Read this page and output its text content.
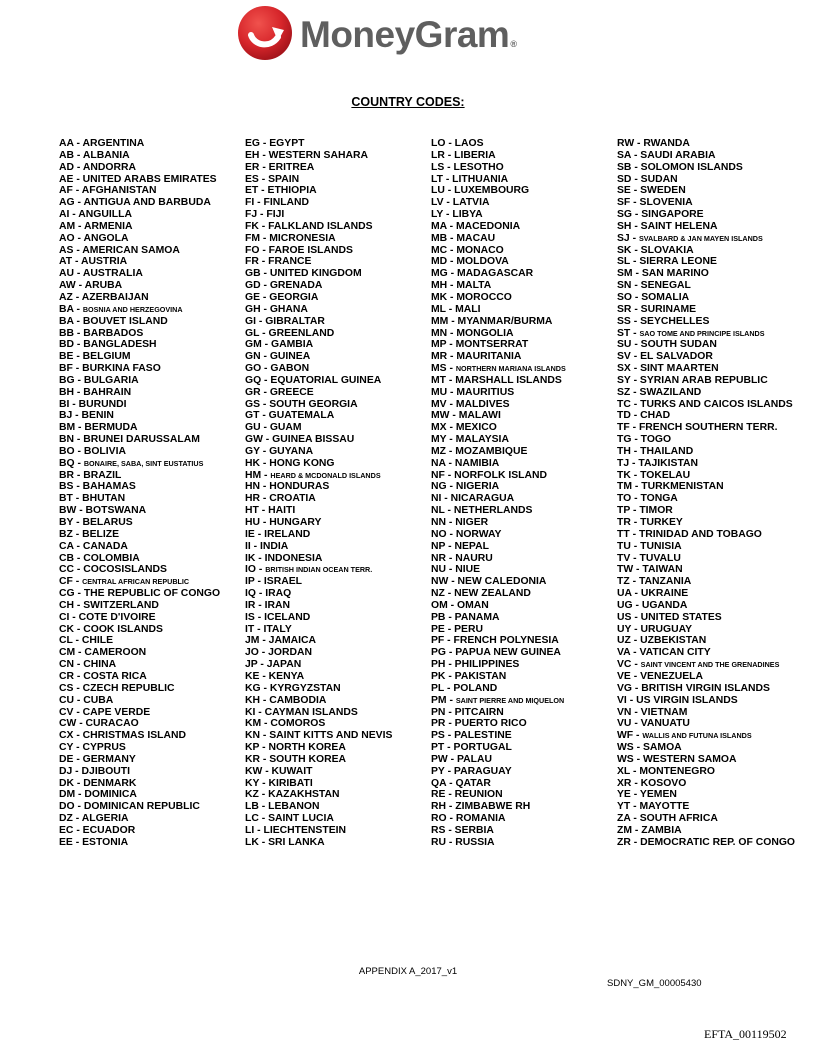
MoneyGram®
COUNTRY CODES:
AA - ARGENTINA
AB - ALBANIA
AD - ANDORRA
AE - UNITED ARABS EMIRATES
AF - AFGHANISTAN
AG - ANTIGUA AND BARBUDA
AI - ANGUILLA
AM - ARMENIA
AO - ANGOLA
AS - AMERICAN SAMOA
AT - AUSTRIA
AU - AUSTRALIA
AW - ARUBA
AZ - AZERBAIJAN
BA - BOSNIA AND HERZEGOVINA
BA - BOUVET ISLAND
BB - BARBADOS
BD - BANGLADESH
BE - BELGIUM
BF - BURKINA FASO
BG - BULGARIA
BH - BAHRAIN
BI - BURUNDI
BJ - BENIN
BM - BERMUDA
BN - BRUNEI DARUSSALAM
BO - BOLIVIA
BQ - BONAIRE, SABA, SINT EUSTATIUS
BR - BRAZIL
BS - BAHAMAS
BT - BHUTAN
BW - BOTSWANA
BY - BELARUS
BZ - BELIZE
CA - CANADA
CB - COLOMBIA
CC - COCOSISLANDS
CF - CENTRAL AFRICAN REPUBLIC
CG - THE REPUBLIC OF CONGO
CH - SWITZERLAND
CI - COTE D'IVOIRE
CK - COOK ISLANDS
CL - CHILE
CM - CAMEROON
CN - CHINA
CR - COSTA RICA
CS - CZECH REPUBLIC
CU - CUBA
CV - CAPE VERDE
CW - CURACAO
CX - CHRISTMAS ISLAND
CY - CYPRUS
DE - GERMANY
DJ - DJIBOUTI
DK - DENMARK
DM - DOMINICA
DO - DOMINICAN REPUBLIC
DZ - ALGERIA
EC - ECUADOR
EE - ESTONIA
EG - EGYPT
EH - WESTERN SAHARA
ER - ERITREA
ES - SPAIN
ET - ETHIOPIA
FI - FINLAND
FJ - FIJI
FK - FALKLAND ISLANDS
FM - MICRONESIA
FO - FAROE ISLANDS
FR - FRANCE
GB - UNITED KINGDOM
GD - GRENADA
GE - GEORGIA
GH - GHANA
GI - GIBRALTAR
GL - GREENLAND
GM - GAMBIA
GN - GUINEA
GO - GABON
GQ - EQUATORIAL GUINEA
GR - GREECE
GS - SOUTH GEORGIA
GT - GUATEMALA
GU - GUAM
GW - GUINEA BISSAU
GY - GUYANA
HK - HONG KONG
HM - HEARD & MCDONALD ISLANDS
HN - HONDURAS
HR - CROATIA
HT - HAITI
HU - HUNGARY
IE - IRELAND
II - INDIA
IK - INDONESIA
IO - BRITISH INDIAN OCEAN TERR.
IP - ISRAEL
IQ - IRAQ
IR - IRAN
IS - ICELAND
IT - ITALY
JM - JAMAICA
JO - JORDAN
JP - JAPAN
KE - KENYA
KG - KYRGYZSTAN
KH - CAMBODIA
KI - CAYMAN ISLANDS
KM - COMOROS
KN - SAINT KITTS AND NEVIS
KP - NORTH KOREA
KR - SOUTH KOREA
KW - KUWAIT
KY - KIRIBATI
KZ - KAZAKHSTAN
LB - LEBANON
LC - SAINT LUCIA
LI - LIECHTENSTEIN
LK - SRI LANKA
LO - LAOS
LR - LIBERIA
LS - LESOTHO
LT - LITHUANIA
LU - LUXEMBOURG
LV - LATVIA
LY - LIBYA
MA - MACEDONIA
MB - MACAU
MC - MONACO
MD - MOLDOVA
MG - MADAGASCAR
MH - MALTA
MK - MOROCCO
ML - MALI
MM - MYANMAR/BURMA
MN - MONGOLIA
MP - MONTSERRAT
MR - MAURITANIA
MS - NORTHERN MARIANA ISLANDS
MT - MARSHALL ISLANDS
MU - MAURITIUS
MV - MALDIVES
MW - MALAWI
MX - MEXICO
MY - MALAYSIA
MZ - MOZAMBIQUE
NA - NAMIBIA
NF - NORFOLK ISLAND
NG - NIGERIA
NI - NICARAGUA
NL - NETHERLANDS
NN - NIGER
NO - NORWAY
NP - NEPAL
NR - NAURU
NU - NIUE
NW - NEW CALEDONIA
NZ - NEW ZEALAND
OM - OMAN
PB - PANAMA
PE - PERU
PF - FRENCH POLYNESIA
PG - PAPUA NEW GUINEA
PH - PHILIPPINES
PK - PAKISTAN
PL - POLAND
PM - SAINT PIERRE AND MIQUELON
PN - PITCAIRN
PR - PUERTO RICO
PS - PALESTINE
PT - PORTUGAL
PW - PALAU
PY - PARAGUAY
QA - QATAR
RE - REUNION
RH - ZIMBABWE RH
RO - ROMANIA
RS - SERBIA
RU - RUSSIA
RW - RWANDA
SA - SAUDI ARABIA
SB - SOLOMON ISLANDS
SD - SUDAN
SE - SWEDEN
SF - SLOVENIA
SG - SINGAPORE
SH - SAINT HELENA
SJ - SVALBARD & JAN MAYEN ISLANDS
SK - SLOVAKIA
SL - SIERRA LEONE
SM - SAN MARINO
SN - SENEGAL
SO - SOMALIA
SR - SURINAME
SS - SEYCHELLES
ST - SAO TOME AND PRINCIPE ISLANDS
SU - SOUTH SUDAN
SV - EL SALVADOR
SX - SINT MAARTEN
SY - SYRIAN ARAB REPUBLIC
SZ - SWAZILAND
TC - TURKS AND CAICOS ISLANDS
TD - CHAD
TF - FRENCH SOUTHERN TERR.
TG - TOGO
TH - THAILAND
TJ - TAJIKISTAN
TK - TOKELAU
TM - TURKMENISTAN
TO - TONGA
TP - TIMOR
TR - TURKEY
TT - TRINIDAD AND TOBAGO
TU - TUNISIA
TV - TUVALU
TW - TAIWAN
TZ - TANZANIA
UA - UKRAINE
UG - UGANDA
US - UNITED STATES
UY - URUGUAY
UZ - UZBEKISTAN
VA - VATICAN CITY
VC - SAINT VINCENT AND THE GRENADINES
VE - VENEZUELA
VG - BRITISH VIRGIN ISLANDS
VI - US VIRGIN ISLANDS
VN - VIETNAM
VU - VANUATU
WF - WALLIS AND FUTUNA ISLANDS
WS - SAMOA
WS - WESTERN SAMOA
XL - MONTENEGRO
XR - KOSOVO
YE - YEMEN
YT - MAYOTTE
ZA - SOUTH AFRICA
ZM - ZAMBIA
ZR - DEMOCRATIC REP. OF CONGO
APPENDIX A_2017_v1
SDNY_GM_00005430
EFTA_00119502
